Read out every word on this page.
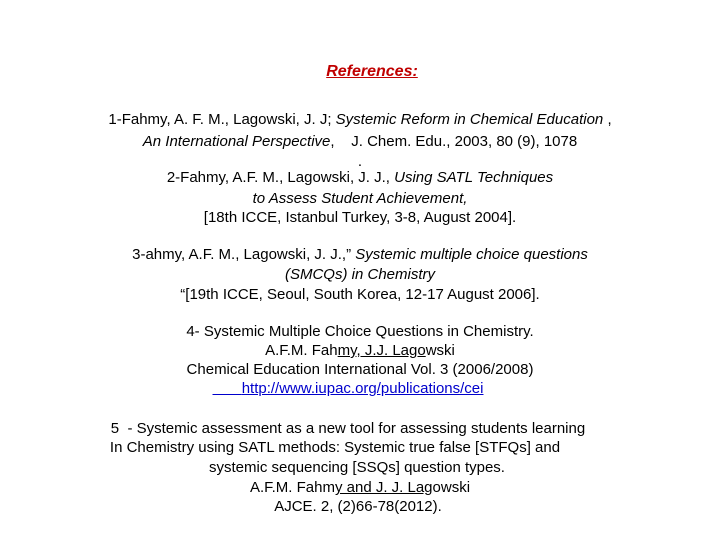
References:
1-Fahmy, A. F. M., Lagowski, J. J; Systemic Reform in Chemical Education ,
An International Perspective,    J. Chem. Edu., 2003, 80 (9), 1078
.
2-Fahmy, A.F. M., Lagowski, J. J., Using SATL Techniques
to Assess Student Achievement,
[18th ICCE, Istanbul Turkey, 3-8, August 2004].
3-ahmy, A.F. M., Lagowski, J. J.,” Systemic multiple choice questions
(SMCQs) in Chemistry
“[19th ICCE, Seoul, South Korea, 12-17 August 2006].
4- Systemic Multiple Choice Questions in Chemistry.
A.F.M. Fahmy, J.J. Lagowski
Chemical Education International Vol. 3 (2006/2008)
http://www.iupac.org/publications/cei
5  - Systemic assessment as a new tool for assessing students learning
In Chemistry using SATL methods: Systemic true false [STFQs] and
systemic sequencing [SSQs] question types.
A.F.M. Fahmy and J. J. Lagowski
AJCE. 2, (2)66-78(2012).
